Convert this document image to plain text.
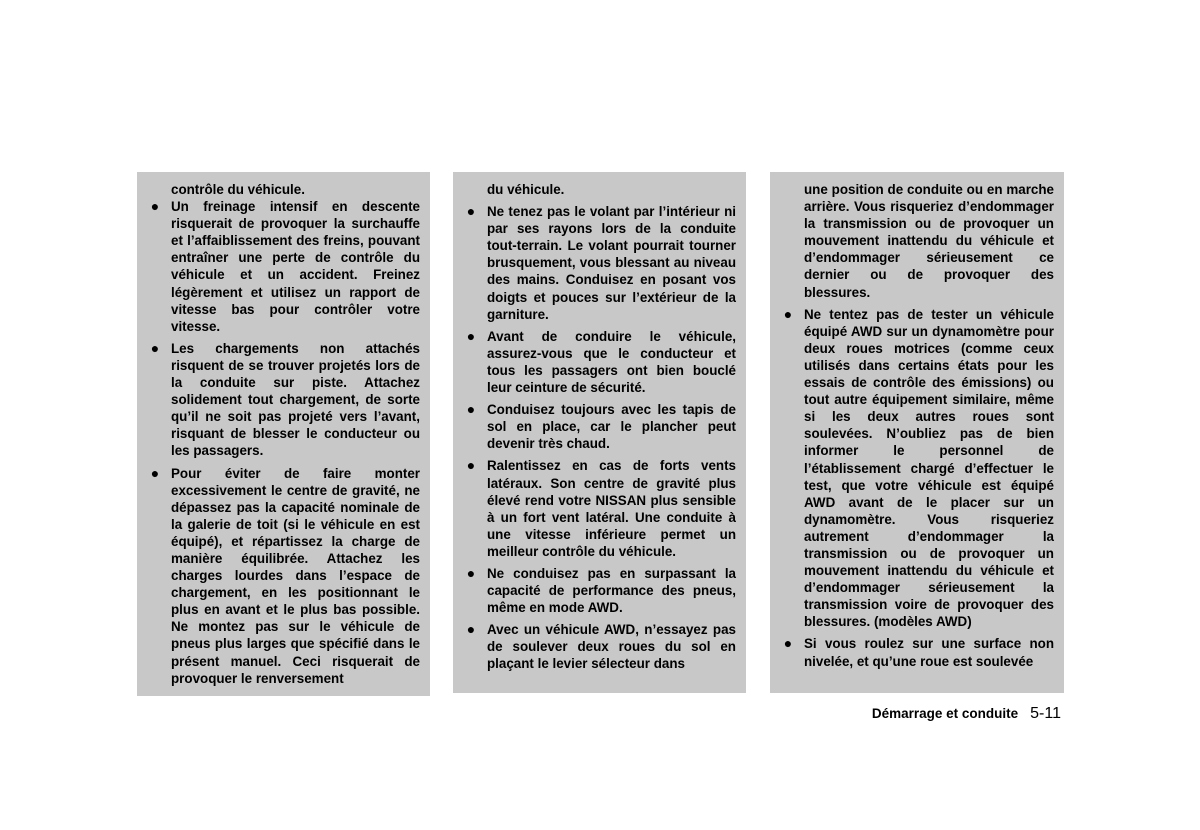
contrôle du véhicule.

● Un freinage intensif en descente risquerait de provoquer la surchauffe et l’affaiblissement des freins, pouvant entraîner une perte de contrôle du véhicule et un accident. Freinez légèrement et utilisez un rapport de vitesse bas pour contrôler votre vitesse.
● Les chargements non attachés risquent de se trouver projetés lors de la conduite sur piste. Attachez solidement tout chargement, de sorte qu’il ne soit pas projeté vers l’avant, risquant de blesser le conducteur ou les passagers.
● Pour éviter de faire monter excessivement le centre de gravité, ne dépassez pas la capacité nominale de la galerie de toit (si le véhicule en est équipé), et répartissez la charge de manière équilibrée. Attachez les charges lourdes dans l’espace de chargement, en les positionnant le plus en avant et le plus bas possible. Ne montez pas sur le véhicule de pneus plus larges que spécifié dans le présent manuel. Ceci risquerait de provoquer le renversement

du véhicule.

● Ne tenez pas le volant par l’intérieur ni par ses rayons lors de la conduite tout-terrain. Le volant pourrait tourner brusquement, vous blessant au niveau des mains. Conduisez en posant vos doigts et pouces sur l’extérieur de la garniture.
● Avant de conduire le véhicule, assurez-vous que le conducteur et tous les passagers ont bien bouclé leur ceinture de sécurité.
● Conduisez toujours avec les tapis de sol en place, car le plancher peut devenir très chaud.
● Ralentissez en cas de forts vents latéraux. Son centre de gravité plus élevé rend votre NISSAN plus sensible à un fort vent latéral. Une conduite à une vitesse inférieure permet un meilleur contrôle du véhicule.
● Ne conduisez pas en surpassant la capacité de performance des pneus, même en mode AWD.
● Avec un véhicule AWD, n’essayez pas de soulever deux roues du sol en plaçant le levier sélecteur dans

une position de conduite ou en marche arrière. Vous risqueriez d’endommager la transmission ou de provoquer un mouvement inattendu du véhicule et d’endommager sérieusement ce dernier ou de provoquer des blessures.

● Ne tentez pas de tester un véhicule équipé AWD sur un dynamomètre pour deux roues motrices (comme ceux utilisés dans certains états pour les essais de contrôle des émissions) ou tout autre équipement similaire, même si les deux autres roues sont soulevées. N’oubliez pas de bien informer le personnel de l’établissement chargé d’effectuer le test, que votre véhicule est équipé AWD avant de le placer sur un dynamomètre. Vous risqueriez autrement d’endommager la transmission ou de provoquer un mouvement inattendu du véhicule et d’endommager sérieusement la transmission voire de provoquer des blessures. (modèles AWD)
● Si vous roulez sur une surface non nivelée, et qu’une roue est soulevée
Démarrage et conduite 5-11
